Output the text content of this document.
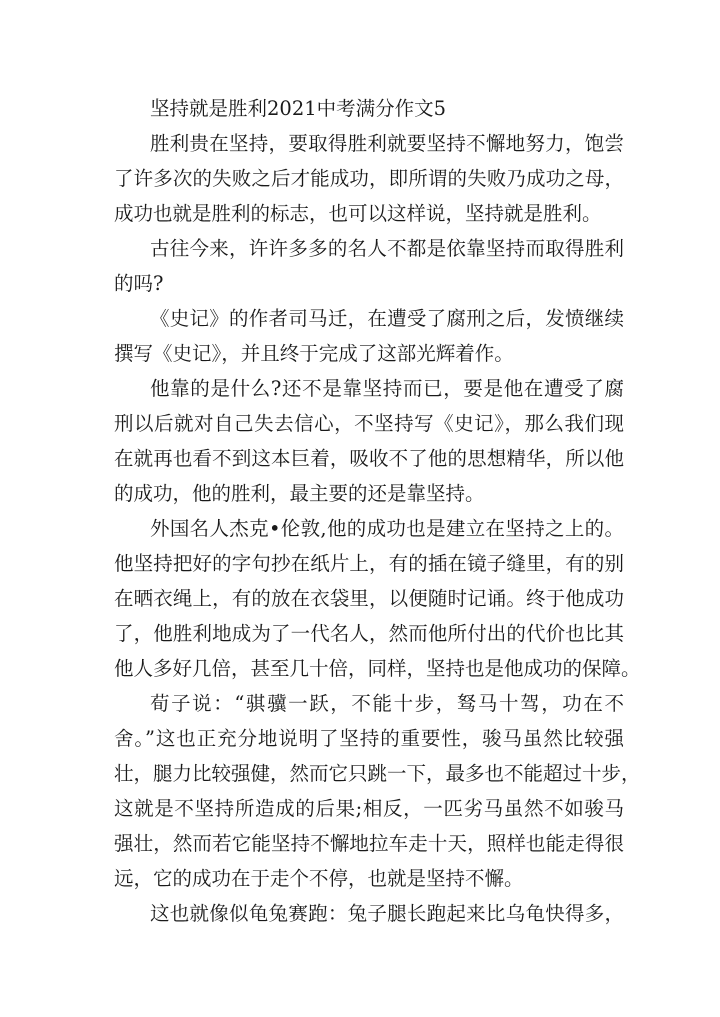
坚持就是胜利2021中考满分作文5
胜利贵在坚持，要取得胜利就要坚持不懈地努力，饱尝
了许多次的失败之后才能成功，即所谓的失败乃成功之母，
成功也就是胜利的标志，也可以这样说，坚持就是胜利。
古往今来，许许多多的名人不都是依靠坚持而取得胜利
的吗?
《史记》的作者司马迁，在遭受了腐刑之后，发愤继续
撰写《史记》，并且终于完成了这部光辉着作。
他靠的是什么?还不是靠坚持而已，要是他在遭受了腐
刑以后就对自己失去信心，不坚持写《史记》，那么我们现
在就再也看不到这本巨着，吸收不了他的思想精华，所以他
的成功，他的胜利，最主要的还是靠坚持。
外国名人杰克•伦敦,他的成功也是建立在坚持之上的。
他坚持把好的字句抄在纸片上，有的插在镜子缝里，有的别
在晒衣绳上，有的放在衣袋里，以便随时记诵。终于他成功
了，他胜利地成为了一代名人，然而他所付出的代价也比其
他人多好几倍，甚至几十倍，同样，坚持也是他成功的保障。
荀子说：“骐骥一跃，不能十步，驽马十驾，功在不
舍。”这也正充分地说明了坚持的重要性，骏马虽然比较强
壮，腿力比较强健，然而它只跳一下，最多也不能超过十步，
这就是不坚持所造成的后果;相反，一匹劣马虽然不如骏马
强壮，然而若它能坚持不懈地拉车走十天，照样也能走得很
远，它的成功在于走个不停，也就是坚持不懈。
这也就像似龟兔赛跑：兔子腿长跑起来比乌龟快得多，
